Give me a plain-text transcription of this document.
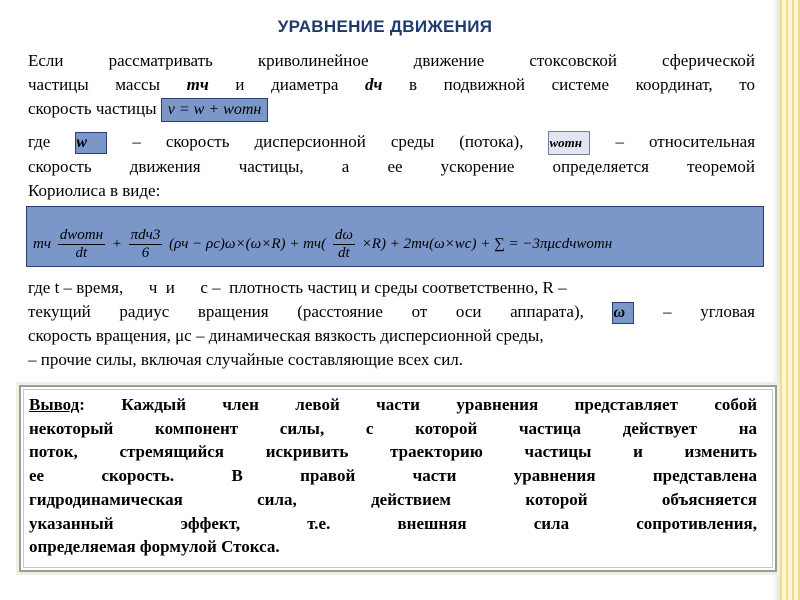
УРАВНЕНИЕ ДВИЖЕНИЯ
Если рассматривать криволинейное движение стоксовской сферической
частицы массы mч и диаметра dч в подвижной системе координат, то
скорость частицы v = w + wотн
где w	– скорость дисперсионной среды (потока), wотн – относительная
скорость движения частицы, а ее ускорение определяется теоремой
Кориолиса в виде:
mч $\frac{\text{dwотн}}{dt} + \frac{\text{πdч3}}{6} (\rho ч - \rho с)\omega\times(\omega\times R) + mч( \frac{d\omega}{dt} \times R) + 2mч(\omega\times wс)$ + ∑ = −3πμсdчwотн
где t – время,      ч  и      с –  плотность частиц и среды соответственно, R –
текущий радиус вращения (расстояние от оси аппарата), ω – угловая
скорость вращения, μс – динамическая вязкость дисперсионной среды,
– прочие силы, включая случайные составляющие всех сил.
Вывод: Каждый член левой части уравнения представляет собой
некоторый компонент силы, с которой частица действует на
поток, стремящийся искривить траекторию частицы и изменить
ее скорость. В правой части уравнения представлена
гидродинамическая сила, действием которой объясняется
указанный эффект, т.е. внешняя сила сопротивления,
определяемая формулой Стокса.
